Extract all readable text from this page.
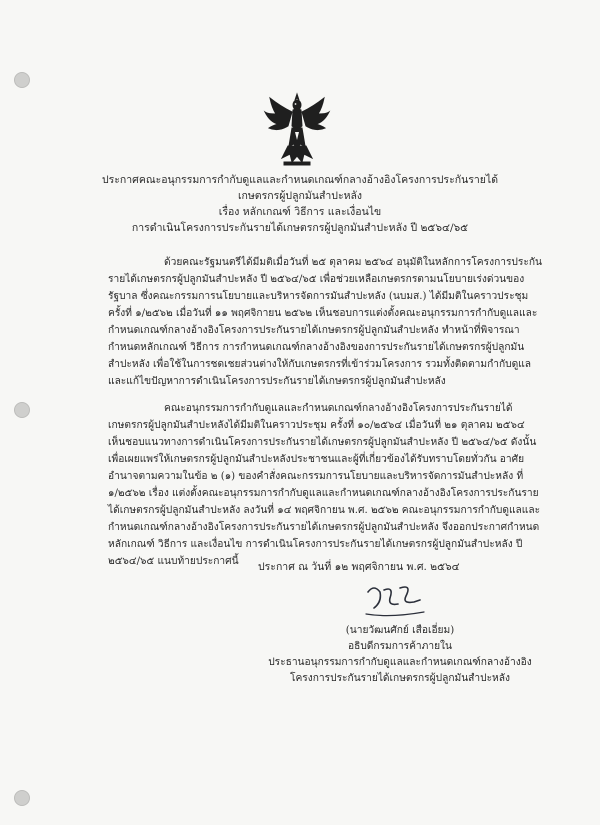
ประกาศคณะอนุกรรมการกำกับดูแลและกำหนดเกณฑ์กลางอ้างอิงโครงการประกันรายได้
เกษตรกรผู้ปลูกมันสำปะหลัง
เรื่อง หลักเกณฑ์ วิธีการ และเงื่อนไข
การดำเนินโครงการประกันรายได้เกษตรกรผู้ปลูกมันสำปะหลัง ปี ๒๕๖๔/๖๕

ด้วยคณะรัฐมนตรีได้มีมติเมื่อวันที่ ๒๕ ตุลาคม ๒๕๖๔ อนุมัติในหลักการโครงการประกันรายได้เกษตรกรผู้ปลูกมันสำปะหลัง ปี ๒๕๖๔/๖๕ เพื่อช่วยเหลือเกษตรกรตามนโยบายเร่งด่วนของรัฐบาล ซึ่งคณะกรรมการนโยบายและบริหารจัดการมันสำปะหลัง (นบมส.) ได้มีมติในคราวประชุม ครั้งที่ ๑/๒๕๖๒ เมื่อวันที่ ๑๑ พฤศจิกายน ๒๕๖๒ เห็นชอบการแต่งตั้งคณะอนุกรรมการกำกับดูแลและกำหนดเกณฑ์กลางอ้างอิงโครงการประกันรายได้เกษตรกรผู้ปลูกมันสำปะหลัง ทำหน้าที่พิจารณากำหนดหลักเกณฑ์ วิธีการ การกำหนดเกณฑ์กลางอ้างอิงของการประกันรายได้เกษตรกรผู้ปลูกมันสำปะหลัง เพื่อใช้ในการชดเชยส่วนต่างให้กับเกษตรกรที่เข้าร่วมโครงการ รวมทั้งติดตามกำกับดูแลและแก้ไขปัญหาการดำเนินโครงการประกันรายได้เกษตรกรผู้ปลูกมันสำปะหลัง

คณะอนุกรรมการกำกับดูแลและกำหนดเกณฑ์กลางอ้างอิงโครงการประกันรายได้เกษตรกรผู้ปลูกมันสำปะหลังได้มีมติในคราวประชุม ครั้งที่ ๑๐/๒๕๖๔ เมื่อวันที่ ๒๑ ตุลาคม ๒๕๖๔ เห็นชอบแนวทางการดำเนินโครงการประกันรายได้เกษตรกรผู้ปลูกมันสำปะหลัง ปี ๒๕๖๔/๖๕ ดังนั้น เพื่อเผยแพร่ให้เกษตรกรผู้ปลูกมันสำปะหลังประชาชนและผู้ที่เกี่ยวข้องได้รับทราบโดยทั่วกัน อาศัยอำนาจตามความในข้อ ๒ (๑) ของคำสั่งคณะกรรมการนโยบายและบริหารจัดการมันสำปะหลัง ที่ ๑/๒๕๖๒ เรื่อง แต่งตั้งคณะอนุกรรมการกำกับดูแลและกำหนดเกณฑ์กลางอ้างอิงโครงการประกันรายได้เกษตรกรผู้ปลูกมันสำปะหลัง ลงวันที่ ๑๔ พฤศจิกายน พ.ศ. ๒๕๖๒ คณะอนุกรรมการกำกับดูแลและกำหนดเกณฑ์กลางอ้างอิงโครงการประกันรายได้เกษตรกรผู้ปลูกมันสำปะหลัง จึงออกประกาศกำหนดหลักเกณฑ์ วิธีการ และเงื่อนไข การดำเนินโครงการประกันรายได้เกษตรกรผู้ปลูกมันสำปะหลัง ปี ๒๕๖๔/๖๕ แนบท้ายประกาศนี้	ประกาศ ณ วันที่ ๑๒ พฤศจิกายน พ.ศ. ๒๕๖๔
(นายวัฒนศักย์ เสือเอี่ยม)
อธิบดีกรมการค้าภายใน
ประธานอนุกรรมการกำกับดูแลและกำหนดเกณฑ์กลางอ้างอิง
โครงการประกันรายได้เกษตรกรผู้ปลูกมันสำปะหลัง
